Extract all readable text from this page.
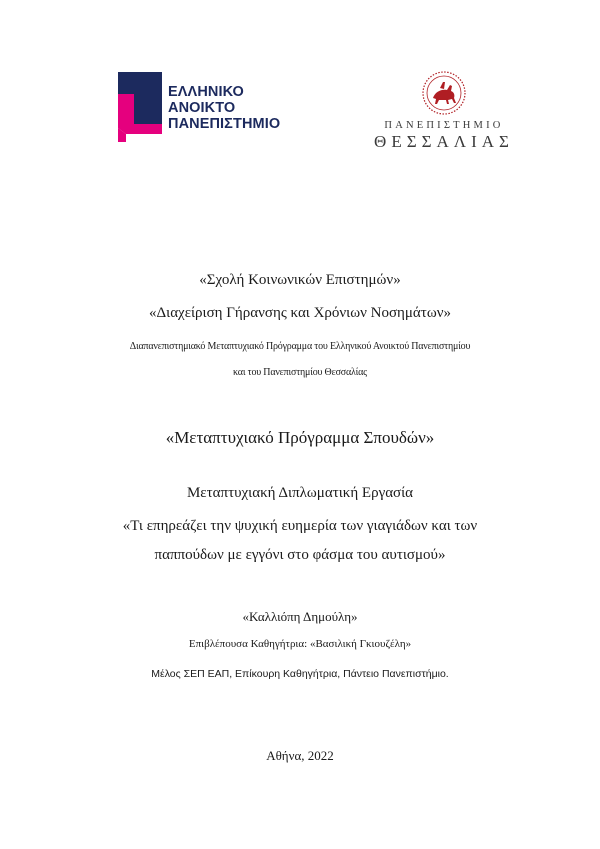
ΕΛΛΗΝΙΚΟ
ΑΝΟΙΚΤΟ
ΠΑΝΕΠΙΣΤΗΜΙΟ	ΠΑΝΕΠΙΣΤΗΜΙΟ
ΘΕΣΣΑΛΙΑΣ
«Σχολή Κοινωνικών Επιστημών»
«Διαχείριση Γήρανσης και Χρόνιων Νοσημάτων»
Διαπανεπιστημιακό Μεταπτυχιακό Πρόγραμμα του Ελληνικού Ανοικτού Πανεπιστημίου
και του Πανεπιστημίου Θεσσαλίας
«Μεταπτυχιακό Πρόγραμμα Σπουδών»
Μεταπτυχιακή Διπλωματική Εργασία
«Τι επηρεάζει την ψυχική ευημερία των γιαγιάδων και των
παππούδων με εγγόνι στο φάσμα του αυτισμού»
«Καλλιόπη Δημούλη»
Επιβλέπουσα Καθηγήτρια: «Βασιλική Γκιουζέλη»
Μέλος ΣΕΠ ΕΑΠ, Επίκουρη Καθηγήτρια, Πάντειο Πανεπιστήμιο.
Αθήνα, 2022
